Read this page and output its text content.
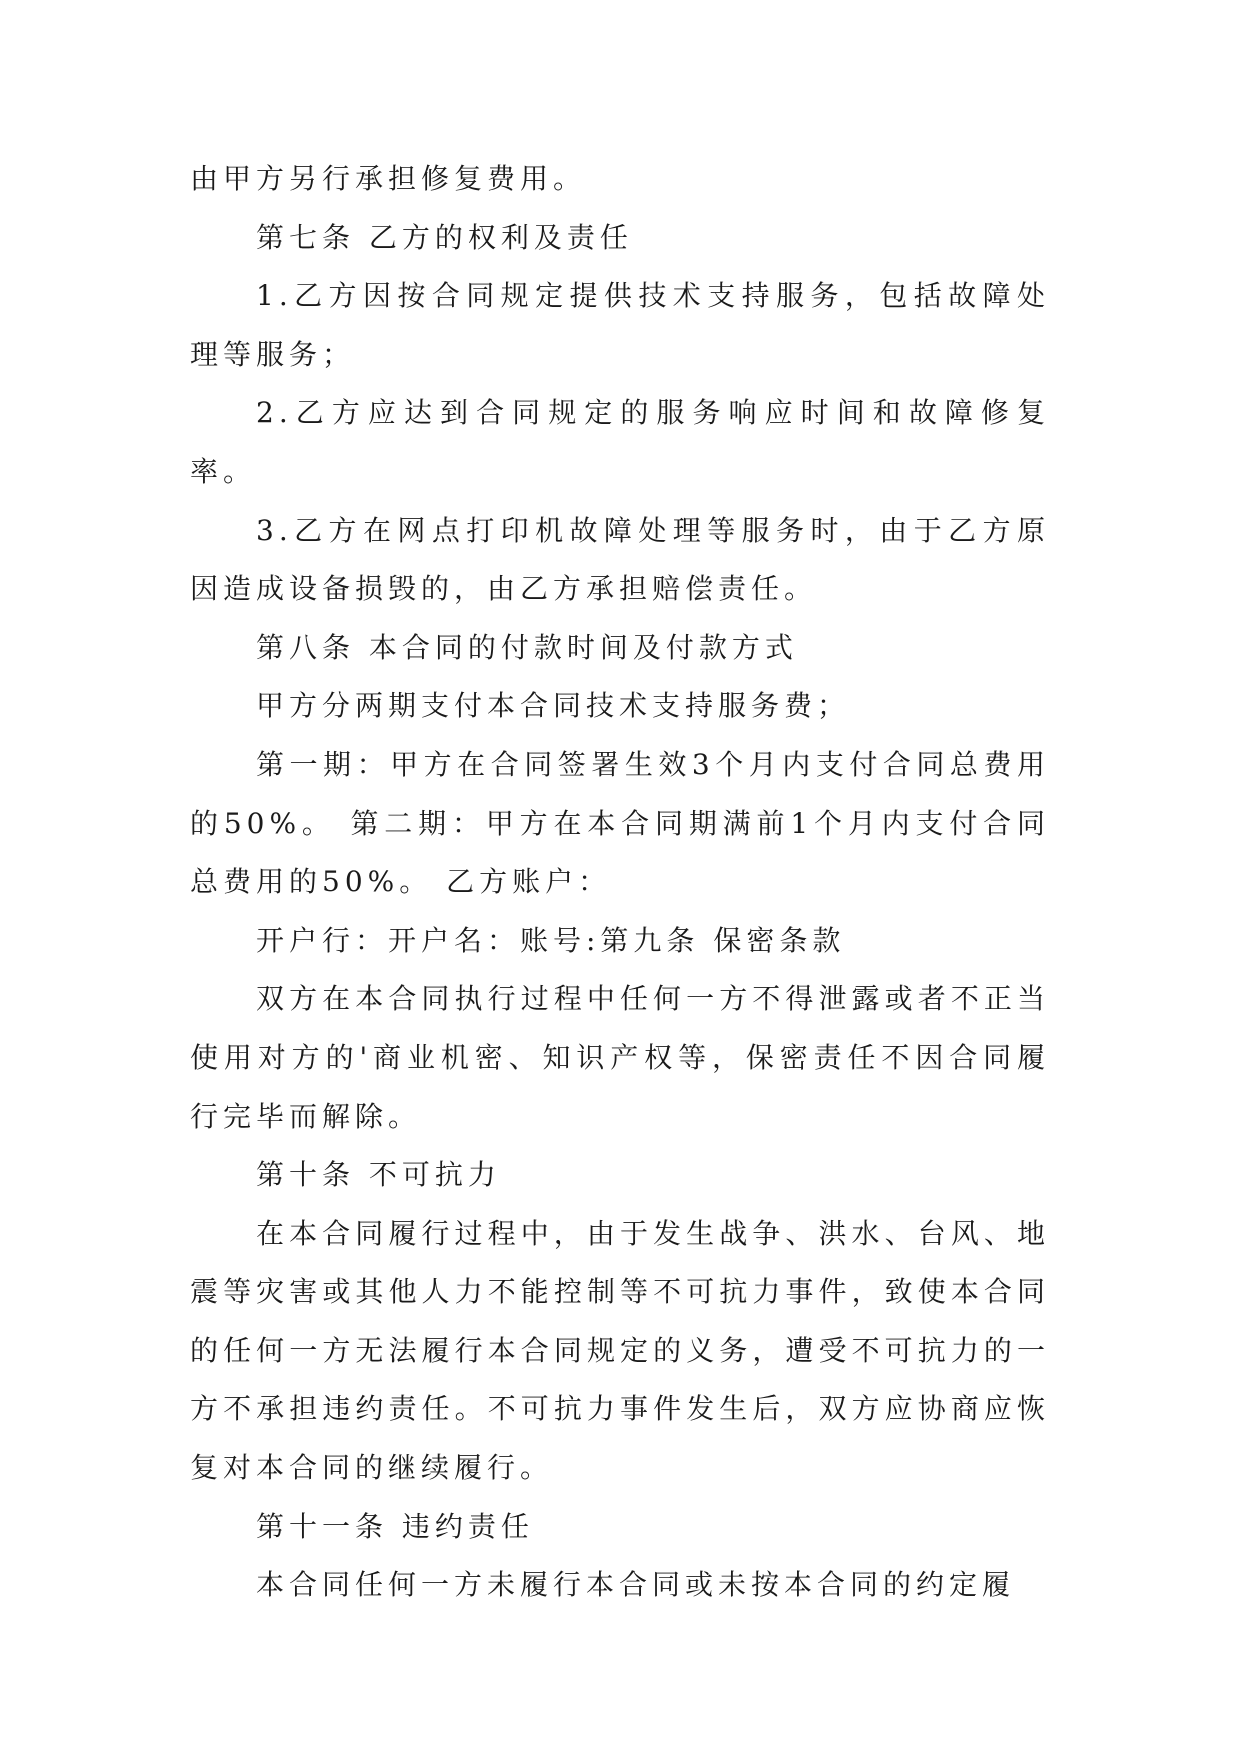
由甲方另行承担修复费用。

第七条 乙方的权利及责任

1.乙方因按合同规定提供技术支持服务，包括故障处理等服务；

2.乙方应达到合同规定的服务响应时间和故障修复率。

3.乙方在网点打印机故障处理等服务时，由于乙方原因造成设备损毁的，由乙方承担赔偿责任。

第八条 本合同的付款时间及付款方式

甲方分两期支付本合同技术支持服务费；

第一期：甲方在合同签署生效3个月内支付合同总费用的50%。 第二期：甲方在本合同期满前1个月内支付合同总费用的50%。 乙方账户：

开户行：开户名：账号:第九条 保密条款

双方在本合同执行过程中任何一方不得泄露或者不正当使用对方的'商业机密、知识产权等，保密责任不因合同履行完毕而解除。

第十条 不可抗力

在本合同履行过程中，由于发生战争、洪水、台风、地震等灾害或其他人力不能控制等不可抗力事件，致使本合同的任何一方无法履行本合同规定的义务，遭受不可抗力的一方不承担违约责任。不可抗力事件发生后，双方应协商应恢复对本合同的继续履行。

第十一条 违约责任

本合同任何一方未履行本合同或未按本合同的约定履
